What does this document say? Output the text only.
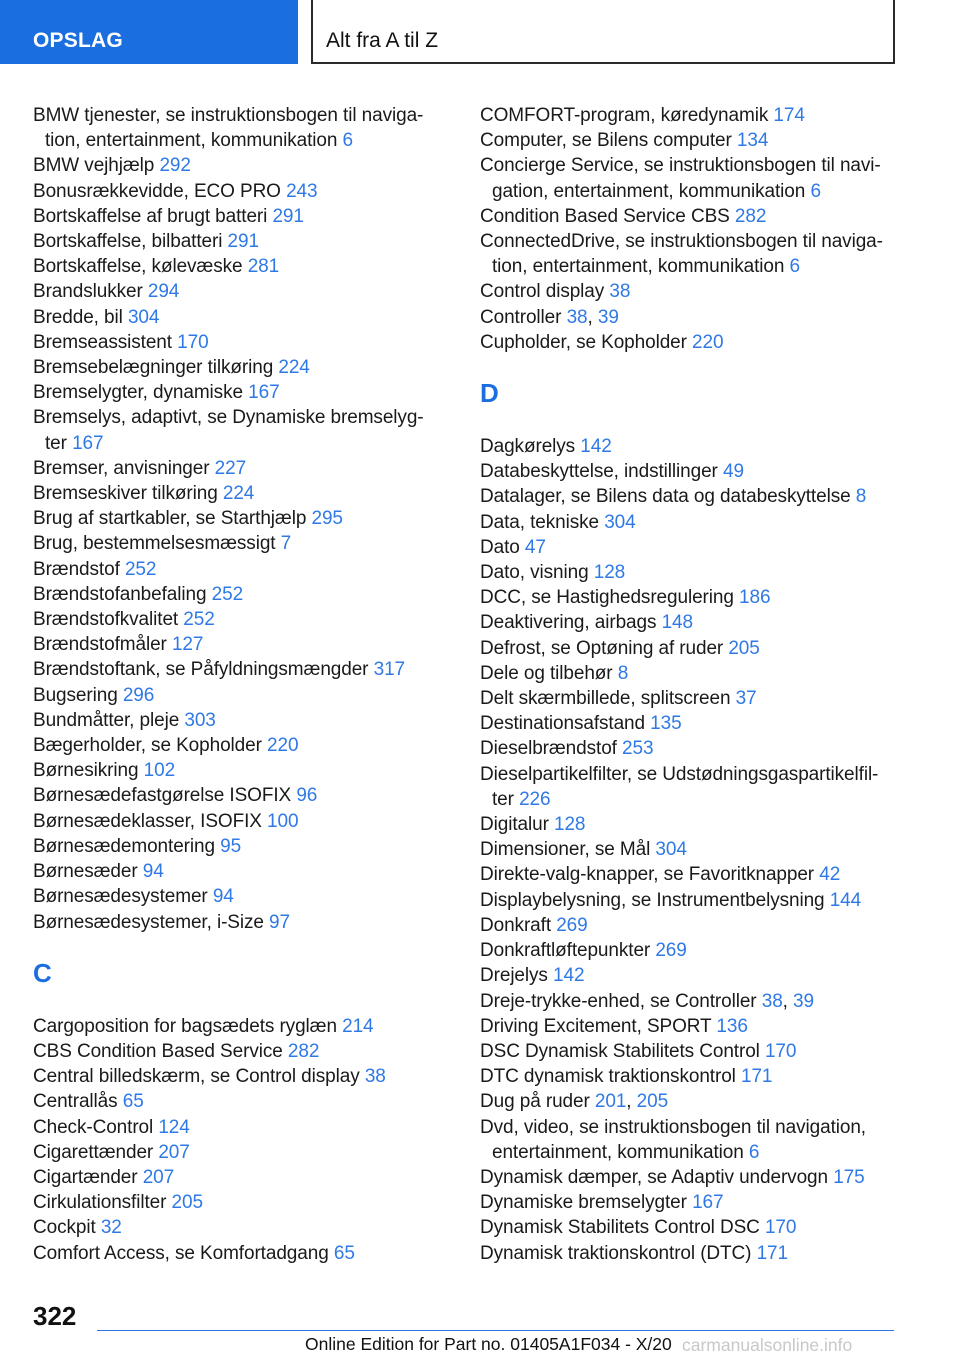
OPSLAG	Alt fra A til Z
BMW tjenester, se instruktionsbogen til naviga-
tion, entertainment, kommunikation 6
BMW vejhjælp 292
Bonusrækkevidde, ECO PRO 243
Bortskaffelse af brugt batteri 291
Bortskaffelse, bilbatteri 291
Bortskaffelse, kølevæske 281
Brandslukker 294
Bredde, bil 304
Bremseassistent 170
Bremsebelægninger tilkøring 224
Bremselygter, dynamiske 167
Bremselys, adaptivt, se Dynamiske bremselyg-
ter 167
Bremser, anvisninger 227
Bremseskiver tilkøring 224
Brug af startkabler, se Starthjælp 295
Brug, bestemmelsesmæssigt 7
Brændstof 252
Brændstofanbefaling 252
Brændstofkvalitet 252
Brændstofmåler 127
Brændstoftank, se Påfyldningsmængder 317
Bugsering 296
Bundmåtter, pleje 303
Bægerholder, se Kopholder 220
Børnesikring 102
Børnesædefastgørelse ISOFIX 96
Børnesædeklasser, ISOFIX 100
Børnesædemontering 95
Børnesæder 94
Børnesædesystemer 94
Børnesædesystemer, i-Size 97
C
Cargoposition for bagsædets ryglæn 214
CBS Condition Based Service 282
Central billedskærm, se Control display 38
Centrallås 65
Check-Control 124
Cigarettænder 207
Cigartænder 207
Cirkulationsfilter 205
Cockpit 32
Comfort Access, se Komfortadgang 65
COMFORT-program, køredynamik 174
Computer, se Bilens computer 134
Concierge Service, se instruktionsbogen til navi-
gation, entertainment, kommunikation 6
Condition Based Service CBS 282
ConnectedDrive, se instruktionsbogen til naviga-
tion, entertainment, kommunikation 6
Control display 38
Controller 38, 39
Cupholder, se Kopholder 220
D
Dagkørelys 142
Databeskyttelse, indstillinger 49
Datalager, se Bilens data og databeskyttelse 8
Data, tekniske 304
Dato 47
Dato, visning 128
DCC, se Hastighedsregulering 186
Deaktivering, airbags 148
Defrost, se Optøning af ruder 205
Dele og tilbehør 8
Delt skærmbillede, splitscreen 37
Destinationsafstand 135
Dieselbrændstof 253
Dieselpartikelfilter, se Udstødningsgaspartikelfil-
ter 226
Digitalur 128
Dimensioner, se Mål 304
Direkte-valg-knapper, se Favoritknapper 42
Displaybelysning, se Instrumentbelysning 144
Donkraft 269
Donkraftløftepunkter 269
Drejelys 142
Dreje-trykke-enhed, se Controller 38, 39
Driving Excitement, SPORT 136
DSC Dynamisk Stabilitets Control 170
DTC dynamisk traktionskontrol 171
Dug på ruder 201, 205
Dvd, video, se instruktionsbogen til navigation,
entertainment, kommunikation 6
Dynamisk dæmper, se Adaptiv undervogn 175
Dynamiske bremselygter 167
Dynamisk Stabilitets Control DSC 170
Dynamisk traktionskontrol (DTC) 171
322
Online Edition for Part no. 01405A1F034 - X/20 carmanualsonline.info
